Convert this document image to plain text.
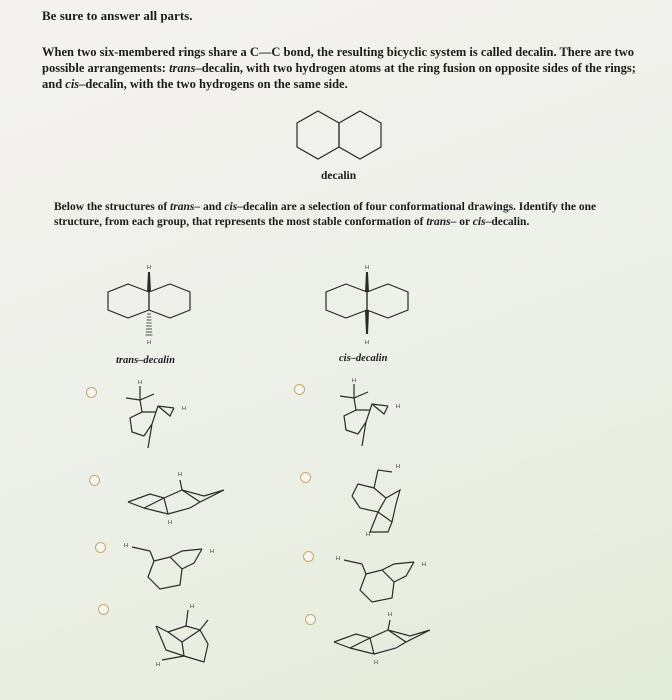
Be sure to answer all parts.
When two six-membered rings share a C—C bond, the resulting bicyclic system is called decalin. There are two possible arrangements: trans–decalin, with two hydrogen atoms at the ring fusion on opposite sides of the rings; and cis–decalin, with the two hydrogens on the same side.
decalin
Below the structures of trans– and cis–decalin are a selection of four conformational drawings. Identify the one structure, from each group, that represents the most stable conformation of trans– or cis–decalin.
H
H
trans–decalin
H
H
cis–decalin
H
H
H
H
H
H
H
H
H
H
H
H
H
H
H
H
